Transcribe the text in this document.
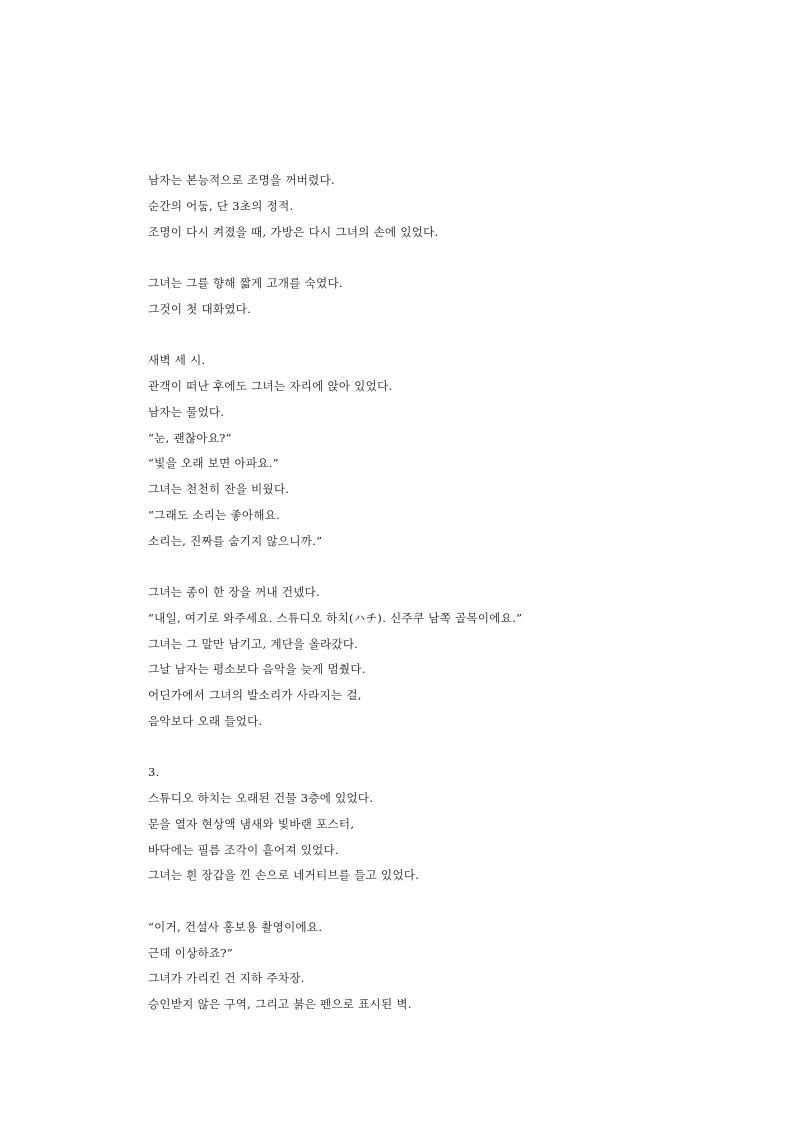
남자는 본능적으로 조명을 꺼버렸다.
순간의 어둠, 단 3초의 정적.
조명이 다시 켜졌을 때, 가방은 다시 그녀의 손에 있었다.
그녀는 그를 향해 짧게 고개를 숙였다.
그것이 첫 대화였다.
새벽 세 시.
관객이 떠난 후에도 그녀는 자리에 앉아 있었다.
남자는 물었다.
“눈, 괜찮아요?”
“빛을 오래 보면 아파요.”
그녀는 천천히 잔을 비웠다.
“그래도 소리는 좋아해요.
소리는, 진짜를 숨기지 않으니까.”
그녀는 종이 한 장을 꺼내 건넸다.
“내일, 여기로 와주세요. 스튜디오 하치(ハチ). 신주쿠 남쪽 골목이에요.”
그녀는 그 말만 남기고, 계단을 올라갔다.
그날 남자는 평소보다 음악을 늦게 멈췄다.
어딘가에서 그녀의 발소리가 사라지는 걸,
음악보다 오래 들었다.
3.
스튜디오 하치는 오래된 건물 3층에 있었다.
문을 열자 현상액 냄새와 빛바랜 포스터,
바닥에는 필름 조각이 흩어져 있었다.
그녀는 흰 장갑을 낀 손으로 네거티브를 들고 있었다.
“이거, 건설사 홍보용 촬영이에요.
근데 이상하죠?”
그녀가 가리킨 건 지하 주차장.
승인받지 않은 구역, 그리고 붉은 펜으로 표시된 벽.
